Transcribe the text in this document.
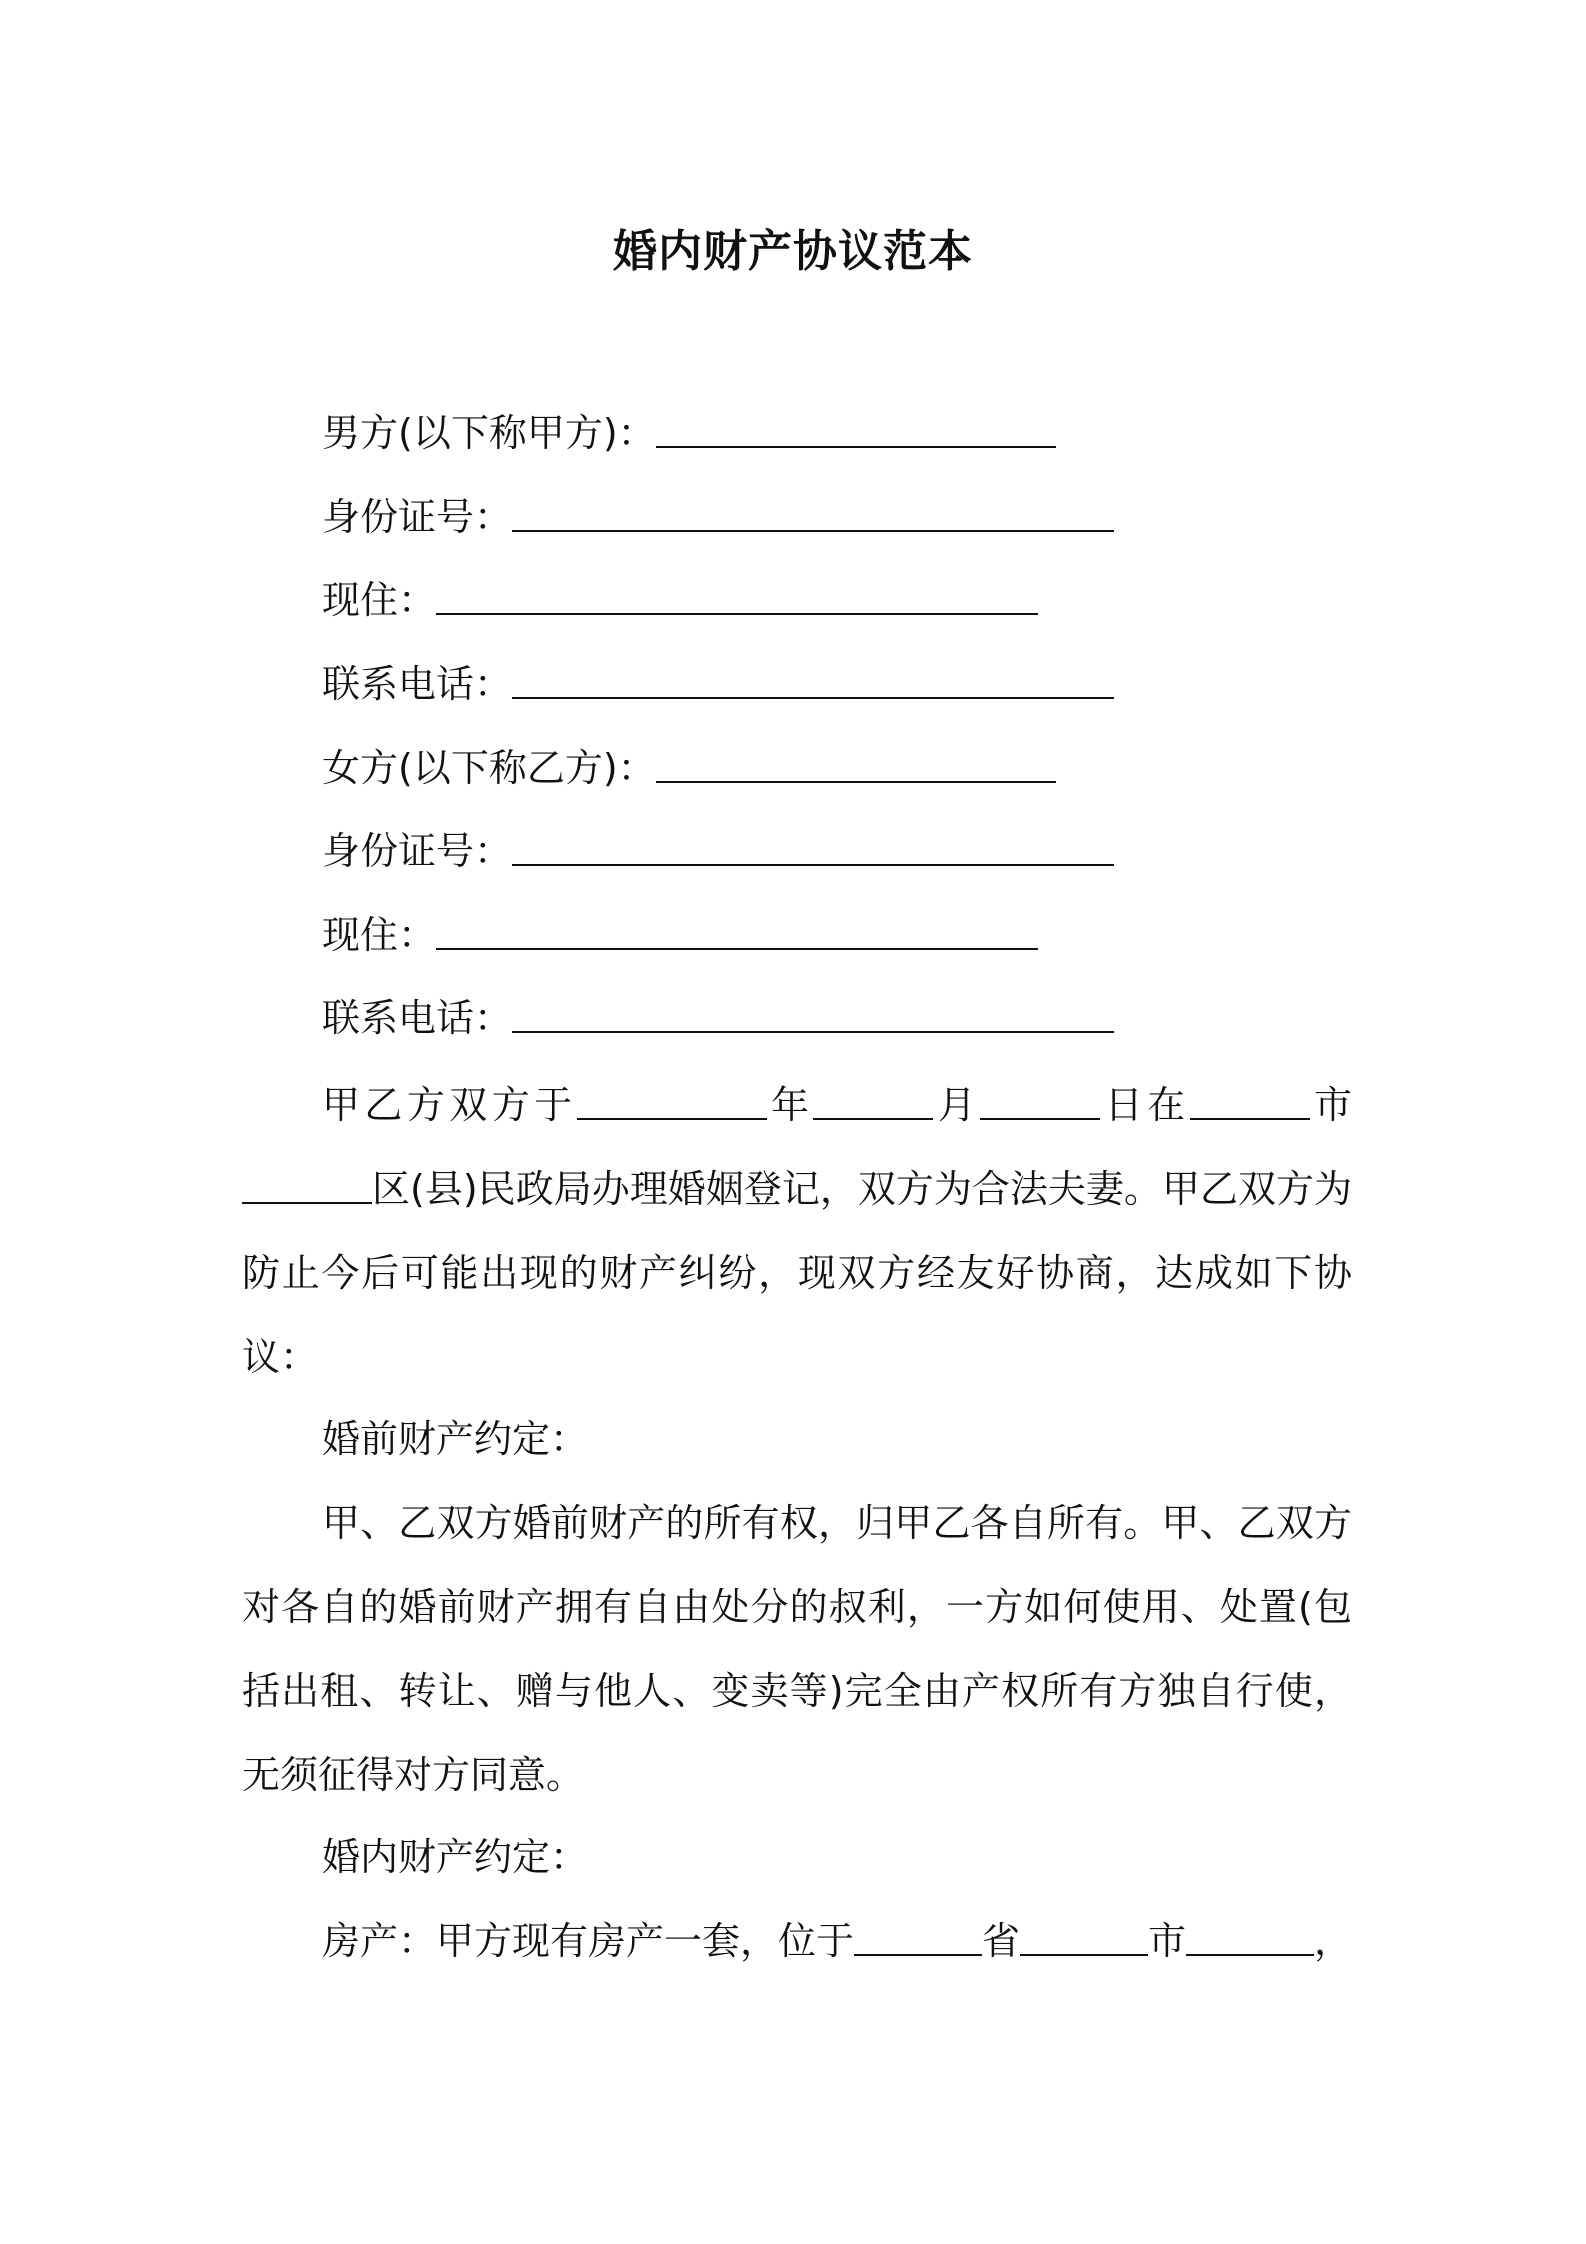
婚内财产协议范本
男方(以下称甲方)：
身份证号：
现住：
联系电话：
女方(以下称乙方)：
身份证号：
现住：
联系电话：

甲乙方双方于	年	月	日在	市区(县)民政局办理婚姻登记，双方为合法夫妻。甲乙双方为防止今后可能出现的财产纠纷，现双方经友好协商，达成如下协议：

婚前财产约定：

甲、乙双方婚前财产的所有权，归甲乙各自所有。甲、乙双方对各自的婚前财产拥有自由处分的叔利，一方如何使用、处置(包括出租、转让、赠与他人、变卖等)完全由产权所有方独自行使，无须征得对方同意。

婚内财产约定：
房产：甲方现有房产一套，位于	省	市	，
